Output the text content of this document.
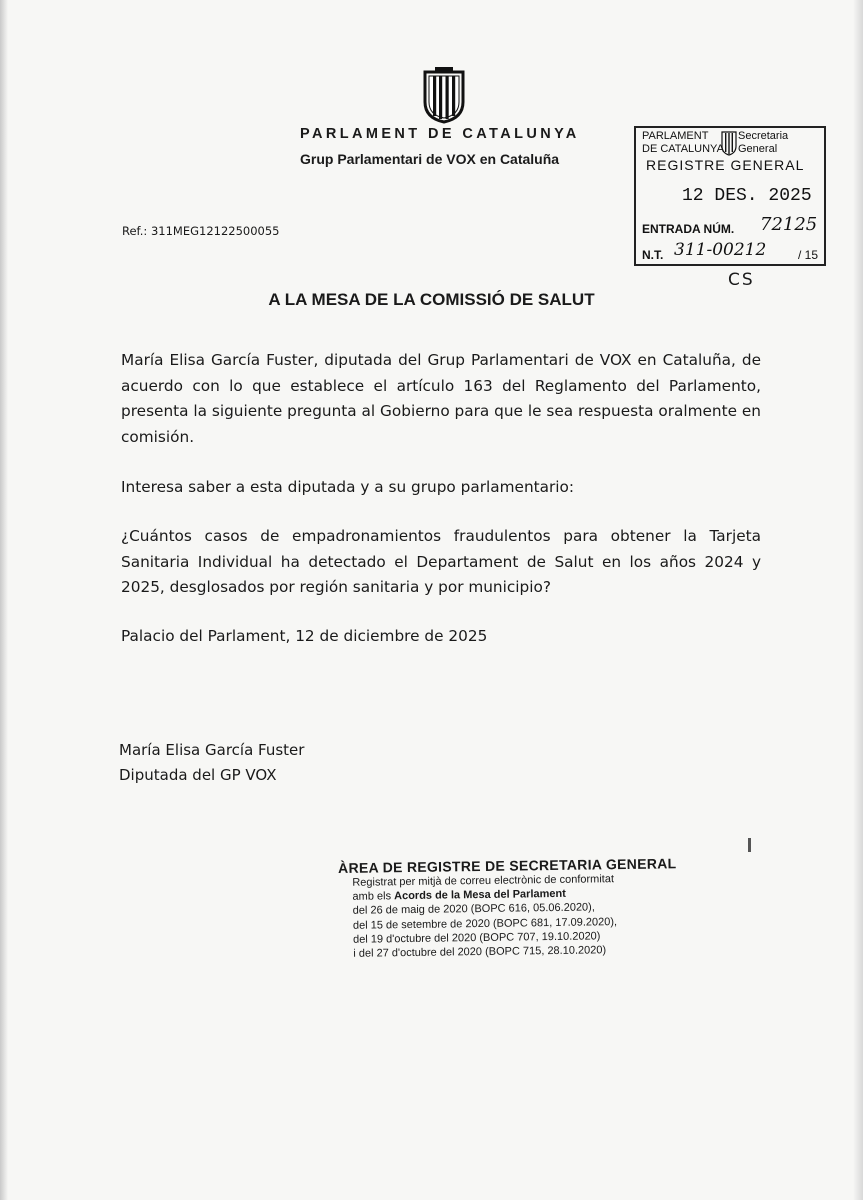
PARLAMENT DE CATALUNYA
Grup Parlamentari de VOX en Cataluña
PARLAMENT
DE CATALUNYA
Secretaria
General
REGISTRE GENERAL
12 DES. 2025
ENTRADA NÚM. 72125
N.T. 311-00212	/ 15
CS
Ref.: 311MEG12122500055
A LA MESA DE LA COMISSIÓ DE SALUT
María Elisa García Fuster, diputada del Grup Parlamentari de VOX en Cataluña, de acuerdo con lo que establece el artículo 163 del Reglamento del Parlamento, presenta la siguiente pregunta al Gobierno para que le sea respuesta oralmente en comisión.
Interesa saber a esta diputada y a su grupo parlamentario:
¿Cuántos casos de empadronamientos fraudulentos para obtener la Tarjeta Sanitaria Individual ha detectado el Departament de Salut en los años 2024 y 2025, desglosados por región sanitaria y por municipio?
Palacio del Parlament, 12 de diciembre de 2025
María Elisa García Fuster
Diputada del GP VOX
ÀREA DE REGISTRE DE SECRETARIA GENERAL
Registrat per mitjà de correu electrònic de conformitat
amb els Acords de la Mesa del Parlament
del 26 de maig de 2020 (BOPC 616, 05.06.2020),
del 15 de setembre de 2020 (BOPC 681, 17.09.2020),
del 19 d'octubre del 2020 (BOPC 707, 19.10.2020)
i del 27 d'octubre del 2020 (BOPC 715, 28.10.2020)
